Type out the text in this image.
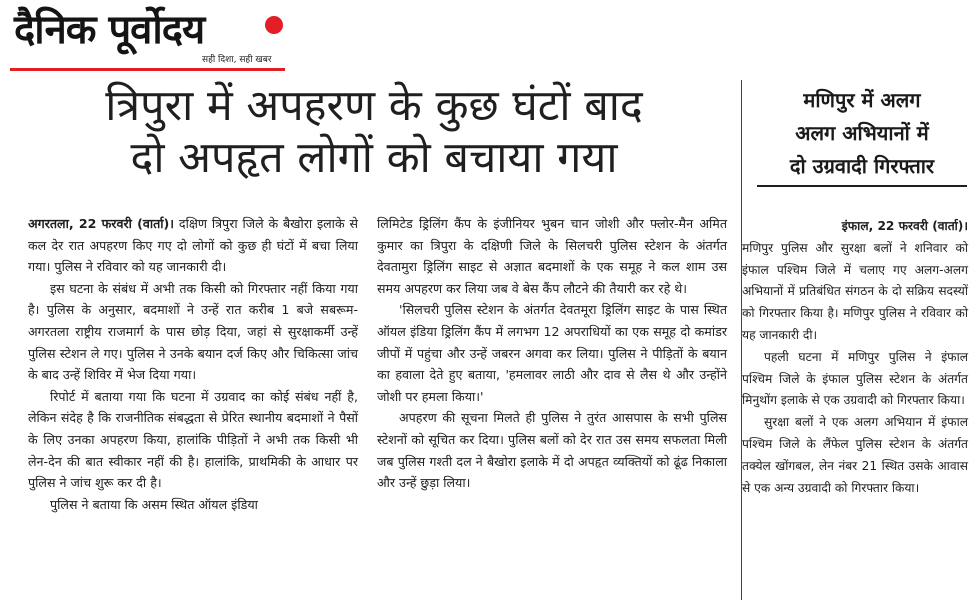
दैनिक पूर्वोदय
सही दिशा, सही खबर
त्रिपुरा में अपहरण के कुछ घंटों बाद
दो अपहृत लोगों को बचाया गया
मणिपुर में अलग
अलग अभियानों में
दो उग्रवादी गिरफ्तार

अगरतला, 22 फरवरी (वार्ता)। दक्षिण त्रिपुरा जिले के बैखोरा इलाके से कल देर रात अपहरण किए गए दो लोगों को कुछ ही घंटों में बचा लिया गया। पुलिस ने रविवार को यह जानकारी दी।

इस घटना के संबंध में अभी तक किसी को गिरफ्तार नहीं किया गया है। पुलिस के अनुसार, बदमाशों ने उन्हें रात करीब 1 बजे सबरूम-अगरतला राष्ट्रीय राजमार्ग के पास छोड़ दिया, जहां से सुरक्षाकर्मी उन्हें पुलिस स्टेशन ले गए। पुलिस ने उनके बयान दर्ज किए और चिकित्सा जांच के बाद उन्हें शिविर में भेज दिया गया।

रिपोर्ट में बताया गया कि घटना में उग्रवाद का कोई संबंध नहीं है, लेकिन संदेह है कि राजनीतिक संबद्धता से प्रेरित स्थानीय बदमाशों ने पैसों के लिए उनका अपहरण किया, हालांकि पीड़ितों ने अभी तक किसी भी लेन-देन की बात स्वीकार नहीं की है। हालांकि, प्राथमिकी के आधार पर पुलिस ने जांच शुरू कर दी है।

पुलिस ने बताया कि असम स्थित ऑयल इंडिया

लिमिटेड ड्रिलिंग कैंप के इंजीनियर भुबन चान जोशी और फ्लोर-मैन अमित कुमार का त्रिपुरा के दक्षिणी जिले के सिलचरी पुलिस स्टेशन के अंतर्गत देवतामुरा ड्रिलिंग साइट से अज्ञात बदमाशों के एक समूह ने कल शाम उस समय अपहरण कर लिया जब वे बेस कैंप लौटने की तैयारी कर रहे थे।

'सिलचरी पुलिस स्टेशन के अंतर्गत देवतमूरा ड्रिलिंग साइट के पास स्थित ऑयल इंडिया ड्रिलिंग कैंप में लगभग 12 अपराधियों का एक समूह दो कमांडर जीपों में पहुंचा और उन्हें जबरन अगवा कर लिया। पुलिस ने पीड़ितों के बयान का हवाला देते हुए बताया, 'हमलावर लाठी और दाव से लैस थे और उन्होंने जोशी पर हमला किया।'

अपहरण की सूचना मिलते ही पुलिस ने तुरंत आसपास के सभी पुलिस स्टेशनों को सूचित कर दिया। पुलिस बलों को देर रात उस समय सफलता मिली जब पुलिस गश्ती दल ने बैखोरा इलाके में दो अपहृत व्यक्तियों को ढूंढ निकाला और उन्हें छुड़ा लिया।

इंफाल, 22 फरवरी (वार्ता)।

मणिपुर पुलिस और सुरक्षा बलों ने शनिवार को इंफाल पश्चिम जिले में चलाए गए अलग-अलग अभियानों में प्रतिबंधित संगठन के दो सक्रिय सदस्यों को गिरफ्तार किया है। मणिपुर पुलिस ने रविवार को यह जानकारी दी।

पहली घटना में मणिपुर पुलिस ने इंफाल पश्चिम जिले के इंफाल पुलिस स्टेशन के अंतर्गत मिनुथोंग इलाके से एक उग्रवादी को गिरफ्तार किया।

सुरक्षा बलों ने एक अलग अभियान में इंफाल पश्चिम जिले के लैंफेल पुलिस स्टेशन के अंतर्गत तक्येल खोंगबल, लेन नंबर 21 स्थित उसके आवास से एक अन्य उग्रवादी को गिरफ्तार किया।
